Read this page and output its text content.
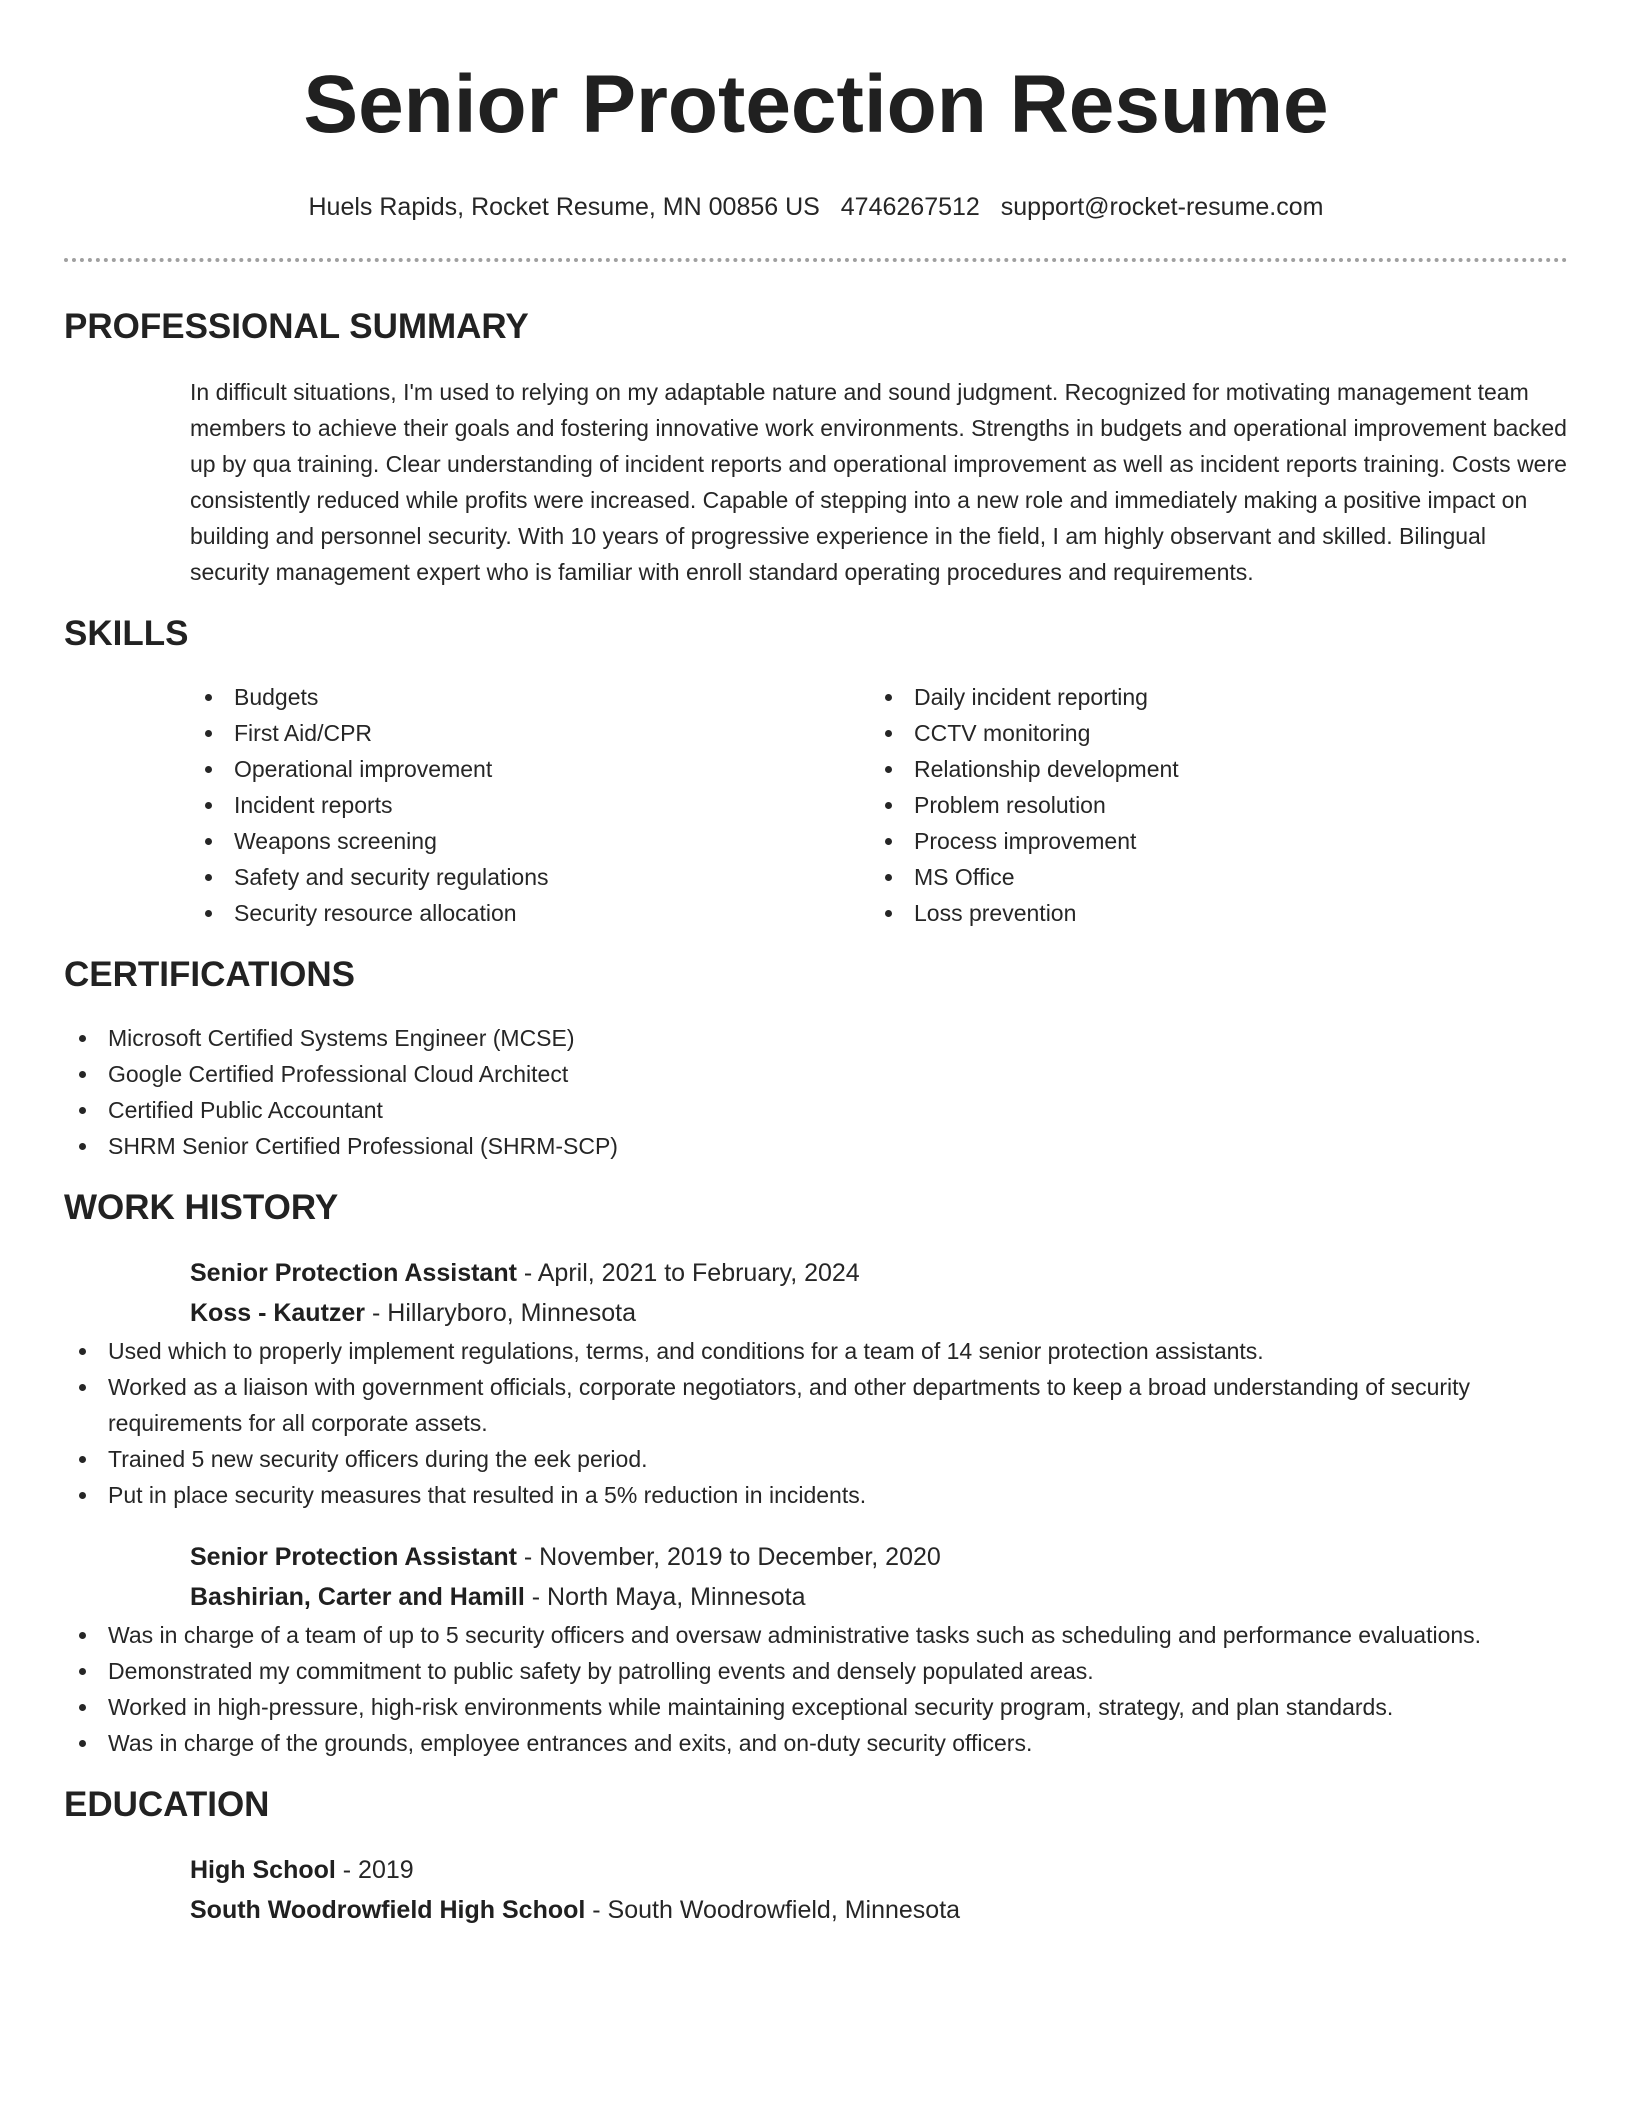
Senior Protection Resume
Huels Rapids, Rocket Resume, MN 00856 US 4746267512 support@rocket-resume.com
PROFESSIONAL SUMMARY

In difficult situations, I'm used to relying on my adaptable nature and sound judgment. Recognized for motivating management team members to achieve their goals and fostering innovative work environments. Strengths in budgets and operational improvement backed up by qua training. Clear understanding of incident reports and operational improvement as well as incident reports training. Costs were consistently reduced while profits were increased. Capable of stepping into a new role and immediately making a positive impact on building and personnel security. With 10 years of progressive experience in the field, I am highly observant and skilled. Bilingual security management expert who is familiar with enroll standard operating procedures and requirements.

SKILLS
Budgets
First Aid/CPR
Operational improvement
Incident reports
Weapons screening
Safety and security regulations
Security resource allocation
Daily incident reporting
CCTV monitoring
Relationship development
Problem resolution
Process improvement
MS Office
Loss prevention
CERTIFICATIONS
Microsoft Certified Systems Engineer (MCSE)
Google Certified Professional Cloud Architect
Certified Public Accountant
SHRM Senior Certified Professional (SHRM-SCP)
WORK HISTORY
Senior Protection Assistant - April, 2021 to February, 2024
Koss - Kautzer - Hillaryboro, Minnesota
Used which to properly implement regulations, terms, and conditions for a team of 14 senior protection assistants.
Worked as a liaison with government officials, corporate negotiators, and other departments to keep a broad understanding of security requirements for all corporate assets.
Trained 5 new security officers during the eek period.
Put in place security measures that resulted in a 5% reduction in incidents.
Senior Protection Assistant - November, 2019 to December, 2020
Bashirian, Carter and Hamill - North Maya, Minnesota
Was in charge of a team of up to 5 security officers and oversaw administrative tasks such as scheduling and performance evaluations.
Demonstrated my commitment to public safety by patrolling events and densely populated areas.
Worked in high-pressure, high-risk environments while maintaining exceptional security program, strategy, and plan standards.
Was in charge of the grounds, employee entrances and exits, and on-duty security officers.
EDUCATION
High School - 2019
South Woodrowfield High School - South Woodrowfield, Minnesota
